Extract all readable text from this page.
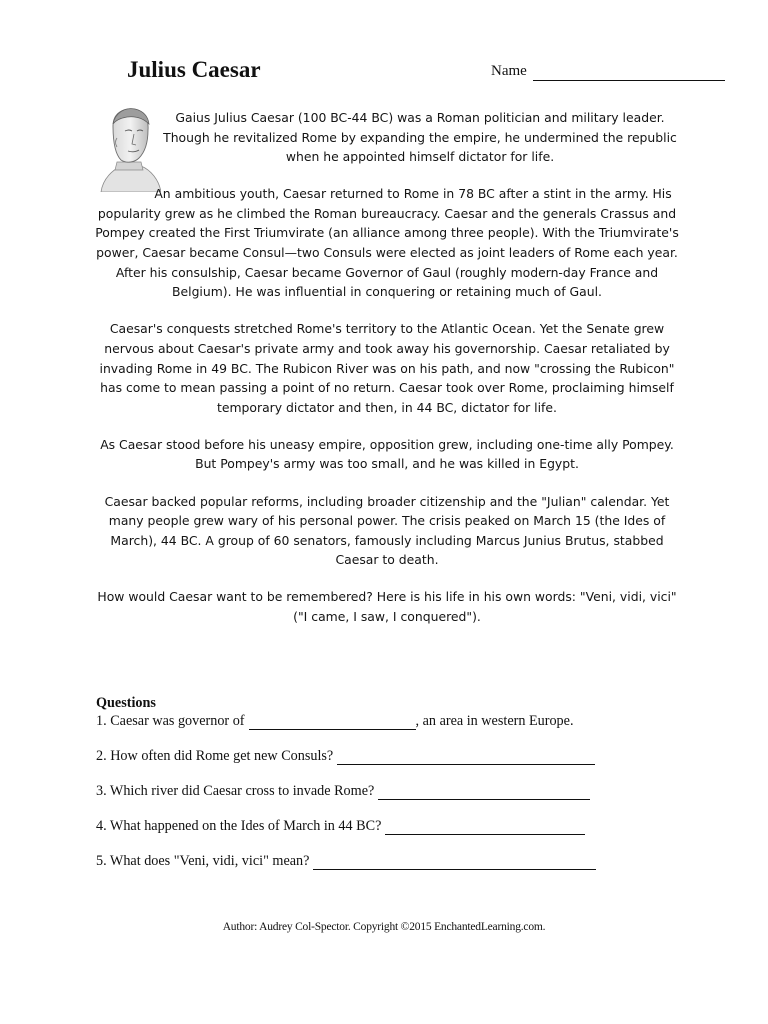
Julius Caesar	Name

Gaius Julius Caesar (100 BC-44 BC) was a Roman politician and military leader. Though he revitalized Rome by expanding the empire, he undermined the republic when he appointed himself dictator for life.

An ambitious youth, Caesar returned to Rome in 78 BC after a stint in the army. His popularity grew as he climbed the Roman bureaucracy. Caesar and the generals Crassus and Pompey created the First Triumvirate (an alliance among three people). With the Triumvirate's power, Caesar became Consul—two Consuls were elected as joint leaders of Rome each year. After his consulship, Caesar became Governor of Gaul (roughly modern-day France and Belgium). He was influential in conquering or retaining much of Gaul.

Caesar's conquests stretched Rome's territory to the Atlantic Ocean. Yet the Senate grew nervous about Caesar's private army and took away his governorship. Caesar retaliated by invading Rome in 49 BC. The Rubicon River was on his path, and now "crossing the Rubicon" has come to mean passing a point of no return. Caesar took over Rome, proclaiming himself temporary dictator and then, in 44 BC, dictator for life.

As Caesar stood before his uneasy empire, opposition grew, including one-time ally Pompey. But Pompey's army was too small, and he was killed in Egypt.

Caesar backed popular reforms, including broader citizenship and the "Julian" calendar. Yet many people grew wary of his personal power. The crisis peaked on March 15 (the Ides of March), 44 BC. A group of 60 senators, famously including Marcus Junius Brutus, stabbed Caesar to death.

How would Caesar want to be remembered? Here is his life in his own words: "Veni, vidi, vici" ("I came, I saw, I conquered").

Questions
1. Caesar was governor of	, an area in western Europe.
2. How often did Rome get new Consuls?
3. Which river did Caesar cross to invade Rome?
4. What happened on the Ides of March in 44 BC?
5. What does "Veni, vidi, vici" mean?
Author: Audrey Col-Spector. Copyright ©2015 EnchantedLearning.com.
